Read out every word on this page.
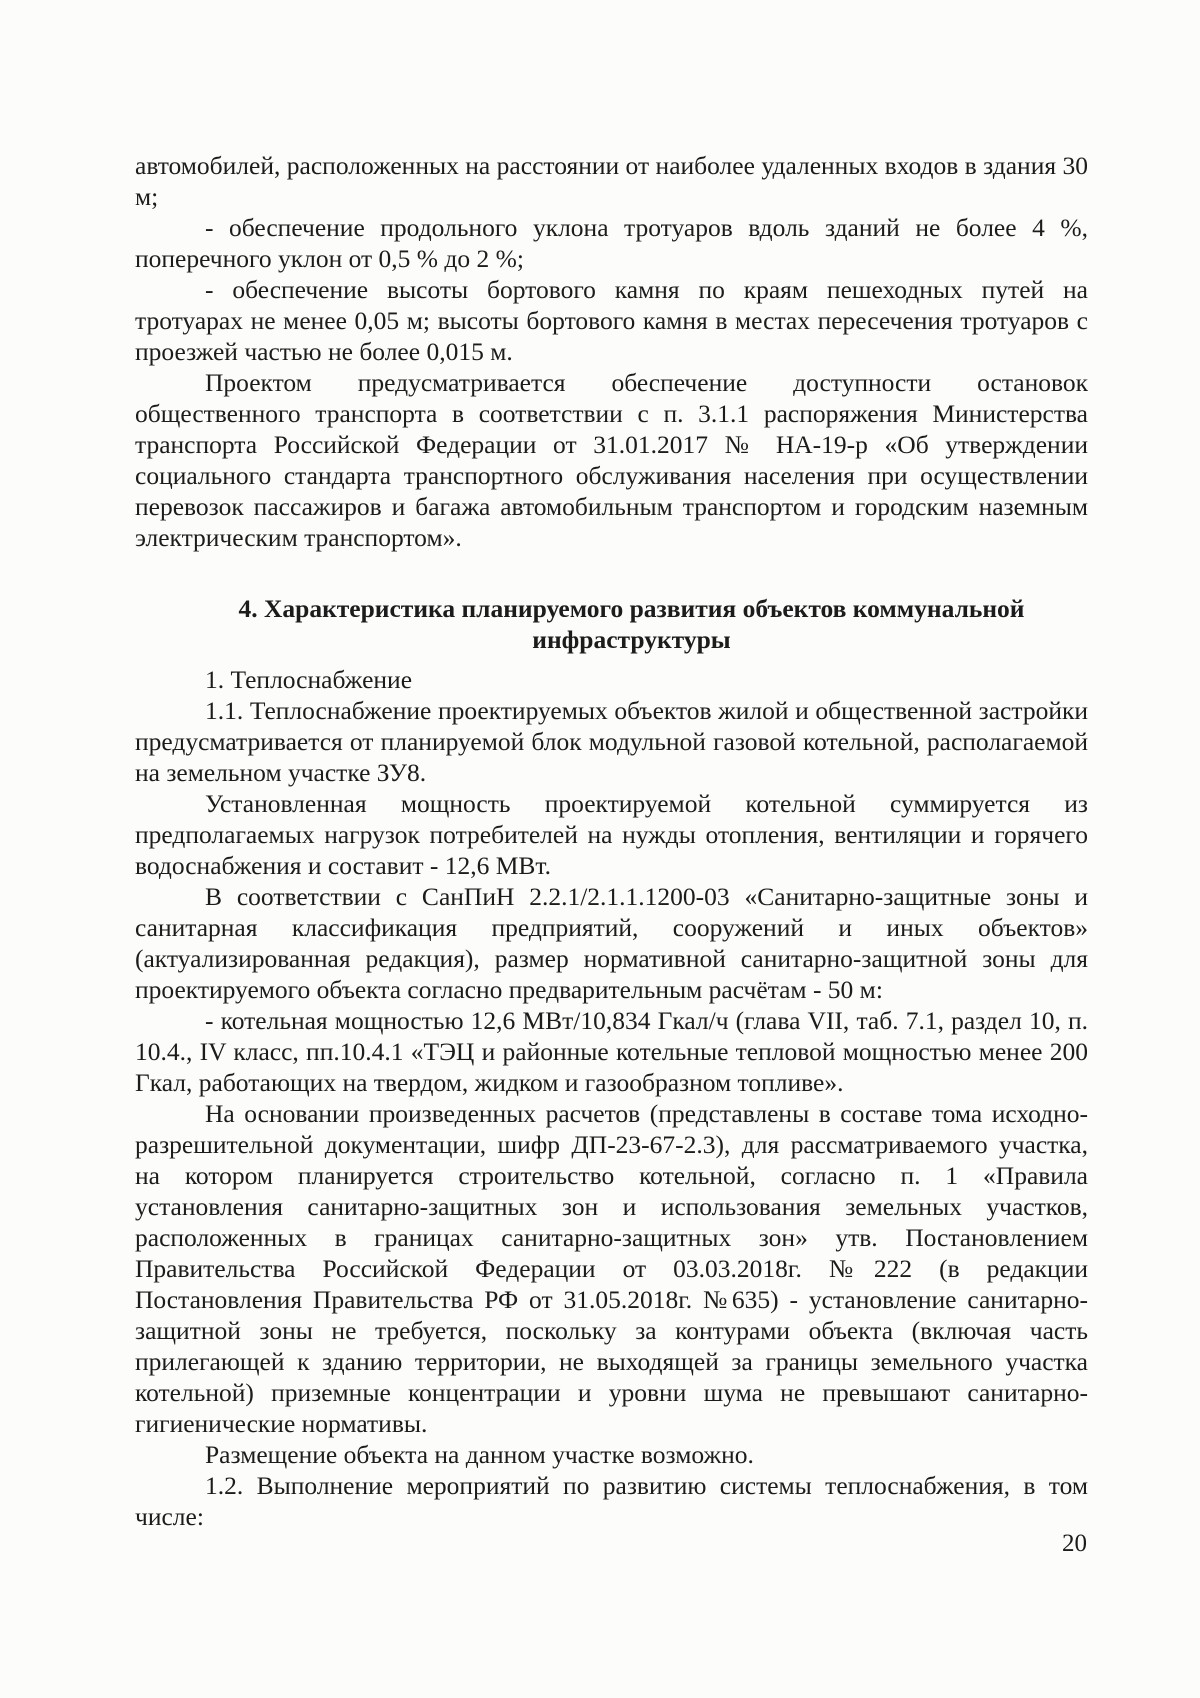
автомобилей, расположенных на расстоянии от наиболее удаленных входов в здания 30 м;

- обеспечение продольного уклона тротуаров вдоль зданий не более 4 %, поперечного уклон от 0,5 % до 2 %;

- обеспечение высоты бортового камня по краям пешеходных путей на тротуарах не менее 0,05 м; высоты бортового камня в местах пересечения тротуаров с проезжей частью не более 0,015 м.

Проектом предусматривается обеспечение доступности остановок общественного транспорта в соответствии с п. 3.1.1 распоряжения Министерства транспорта Российской Федерации от 31.01.2017 № НА-19-р «Об утверждении социального стандарта транспортного обслуживания населения при осуществлении перевозок пассажиров и багажа автомобильным транспортом и городским наземным электрическим транспортом».

4. Характеристика планируемого развития объектов коммунальной инфраструктуры

1. Теплоснабжение

1.1. Теплоснабжение проектируемых объектов жилой и общественной застройки предусматривается от планируемой блок модульной газовой котельной, располагаемой на земельном участке ЗУ8.

Установленная мощность проектируемой котельной суммируется из предполагаемых нагрузок потребителей на нужды отопления, вентиляции и горячего водоснабжения и составит - 12,6 МВт.

В соответствии с СанПиН 2.2.1/2.1.1.1200-03 «Санитарно-защитные зоны и санитарная классификация предприятий, сооружений и иных объектов» (актуализированная редакция), размер нормативной санитарно-защитной зоны для проектируемого объекта согласно предварительным расчётам - 50 м:

- котельная мощностью 12,6 МВт/10,834 Гкал/ч (глава VII, таб. 7.1, раздел 10, п. 10.4., IV класс, пп.10.4.1 «ТЭЦ и районные котельные тепловой мощностью менее 200 Гкал, работающих на твердом, жидком и газообразном топливе».

На основании произведенных расчетов (представлены в составе тома исходно-разрешительной документации, шифр ДП-23-67-2.3), для рассматриваемого участка, на котором планируется строительство котельной, согласно п. 1 «Правила установления санитарно-защитных зон и использования земельных участков, расположенных в границах санитарно-защитных зон» утв. Постановлением Правительства Российской Федерации от 03.03.2018г. №222 (в редакции Постановления Правительства РФ от 31.05.2018г. №635) - установление санитарно-защитной зоны не требуется, поскольку за контурами объекта (включая часть прилегающей к зданию территории, не выходящей за границы земельного участка котельной) приземные концентрации и уровни шума не превышают санитарно-гигиенические нормативы.

Размещение объекта на данном участке возможно.

1.2. Выполнение мероприятий по развитию системы теплоснабжения, в том числе:

20
